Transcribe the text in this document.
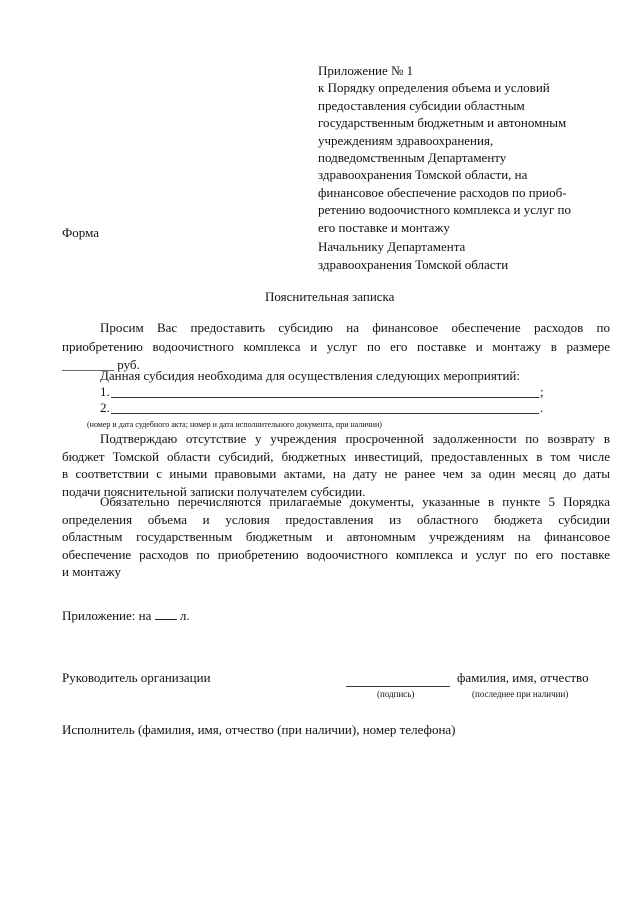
Приложение № 1
к Порядку определения объема и условий
предоставления субсидии областным
государственным бюджетным и автономным
учреждениям здравоохранения,
подведомственным Департаменту
здравоохранения Томской области, на
финансовое обеспечение расходов по приоб-
ретению водоочистного комплекса и услуг по
его поставке и монтажу
Форма
Начальнику Департамента
здравоохранения Томской области
Пояснительная записка
Просим Вас предоставить субсидию на финансовое обеспечение расходов по
приобретению водоочистного комплекса и услуг по его поставке и монтажу в размере
________ руб.
Данная субсидия необходима для осуществления следующих мероприятий:
1.	;
2.	.
(номер и дата судебного акта; номер и дата исполнительного документа, при наличии)
Подтверждаю отсутствие у учреждения просроченной задолженности по возврату в
бюджет Томской области субсидий, бюджетных инвестиций, предоставленных в том числе
в соответствии с иными правовыми актами, на дату не ранее чем за один месяц до даты
подачи пояснительной записки получателем субсидии.
Обязательно перечисляются прилагаемые документы, указанные в пункте 5 Порядка
определения объема и условия предоставления из областного бюджета субсидии
областным государственным бюджетным и автономным учреждениям на финансовое
обеспечение расходов по приобретению водоочистного комплекса и услуг по его поставке
и монтажу
Приложение: на л.
Руководитель организации	фамилия, имя, отчество
(подпись)	(последнее при наличии)
Исполнитель (фамилия, имя, отчество (при наличии), номер телефона)
